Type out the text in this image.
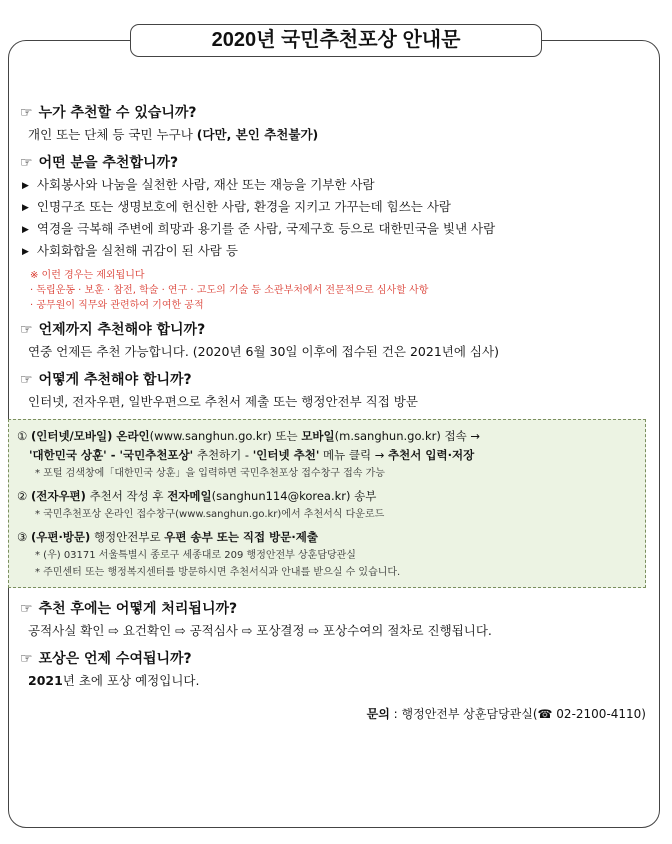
2020년 국민추천포상 안내문
☞ 누가 추천할 수 있습니까?
개인 또는 단체 등 국민 누구나 (다만, 본인 추천불가)
☞ 어떤 분을 추천합니까?
▶ 사회봉사와 나눔을 실천한 사람, 재산 또는 재능을 기부한 사람
▶ 인명구조 또는 생명보호에 헌신한 사람, 환경을 지키고 가꾸는데 힘쓰는 사람
▶ 역경을 극복해 주변에 희망과 용기를 준 사람, 국제구호 등으로 대한민국을 빛낸 사람
▶ 사회화합을 실천해 귀감이 된 사람 등
※ 이런 경우는 제외됩니다
· 독립운동 · 보훈 · 참전, 학술 · 연구 · 고도의 기술 등 소관부처에서 전문적으로 심사할 사항
· 공무원이 직무와 관련하여 기여한 공적
☞ 언제까지 추천해야 합니까?
연중 언제든 추천 가능합니다. (2020년 6월 30일 이후에 접수된 건은 2021년에 심사)
☞ 어떻게 추천해야 합니까?
인터넷, 전자우편, 일반우편으로 추천서 제출 또는 행정안전부 직접 방문
① (인터넷/모바일) 온라인(www.sanghun.go.kr) 또는 모바일(m.sanghun.go.kr) 접속 →
'대한민국 상훈' - '국민추천포상' 추천하기 - '인터넷 추천' 메뉴 클릭 → 추천서 입력·저장
* 포털 검색창에「대한민국 상훈」을 입력하면 국민추천포상 접수창구 접속 가능
② (전자우편) 추천서 작성 후 전자메일(sanghun114@korea.kr) 송부
* 국민추천포상 온라인 접수창구(www.sanghun.go.kr)에서 추천서식 다운로드
③ (우편·방문) 행정안전부로 우편 송부 또는 직접 방문·제출
* (우) 03171 서울특별시 종로구 세종대로 209 행정안전부 상훈담당관실
* 주민센터 또는 행정복지센터를 방문하시면 추천서식과 안내를 받으실 수 있습니다.
☞ 추천 후에는 어떻게 처리됩니까?
공적사실 확인 ⇨ 요건확인 ⇨ 공적심사 ⇨ 포상결정 ⇨ 포상수여의 절차로 진행됩니다.
☞ 포상은 언제 수여됩니까?
2021년 초에 포상 예정입니다.
문의 : 행정안전부 상훈담당관실(☎ 02-2100-4110)
